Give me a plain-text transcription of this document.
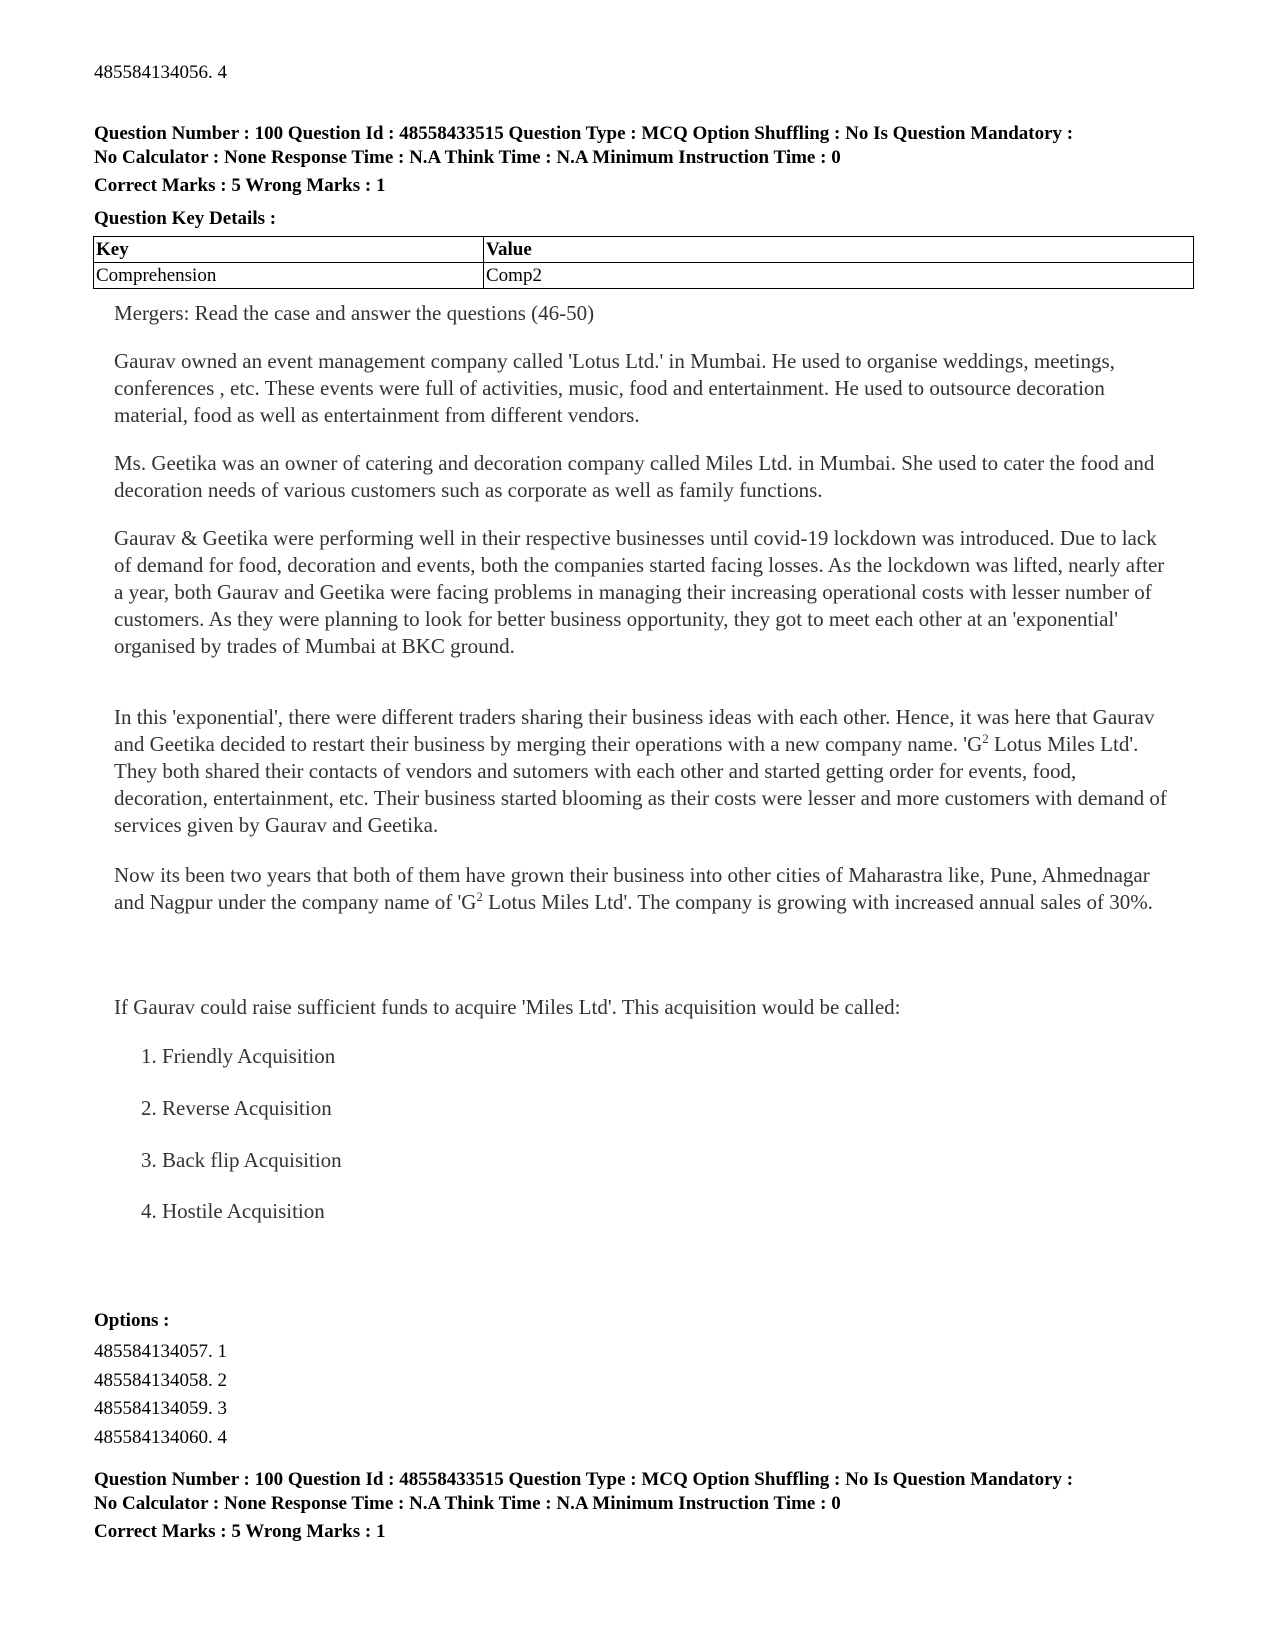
485584134056. 4
Question Number : 100 Question Id : 48558433515 Question Type : MCQ Option Shuffling : No Is Question Mandatory :
No Calculator : None Response Time : N.A Think Time : N.A Minimum Instruction Time : 0
Correct Marks : 5 Wrong Marks : 1
Question Key Details :
Key	Value
Comprehension	Comp2

Mergers: Read the case and answer the questions (46-50)

Gaurav owned an event management company called 'Lotus Ltd.' in Mumbai. He used to organise weddings, meetings, conferences , etc. These events were full of activities, music, food and entertainment. He used to outsource decoration material, food as well as entertainment from different vendors.

Ms. Geetika was an owner of catering and decoration company called Miles Ltd. in Mumbai. She used to cater the food and decoration needs of various customers such as corporate as well as family functions.

Gaurav & Geetika were performing well in their respective businesses until covid-19 lockdown was introduced. Due to lack of demand for food, decoration and events, both the companies started facing losses. As the lockdown was lifted, nearly after a year, both Gaurav and Geetika were facing problems in managing their increasing operational costs with lesser number of customers. As they were planning to look for better business opportunity, they got to meet each other at an 'exponential' organised by trades of Mumbai at BKC ground.

In this 'exponential', there were different traders sharing their business ideas with each other. Hence, it was here that Gaurav and Geetika decided to restart their business by merging their operations with a new company name. '$G^2$ Lotus Miles Ltd'. They both shared their contacts of vendors and sutomers with each other and started getting order for events, food, decoration, entertainment, etc. Their business started blooming as their costs were lesser and more customers with demand of services given by Gaurav and Geetika.

Now its been two years that both of them have grown their business into other cities of Maharastra like, Pune, Ahmednagar and Nagpur under the company name of '$G^2$ Lotus Miles Ltd'. The company is growing with increased annual sales of 30%.

If Gaurav could raise sufficient funds to acquire 'Miles Ltd'. This acquisition would be called:

1. Friendly Acquisition
2. Reverse Acquisition
3. Back flip Acquisition
4. Hostile Acquisition
Options :
485584134057. 1
485584134058. 2
485584134059. 3
485584134060. 4
Question Number : 100 Question Id : 48558433515 Question Type : MCQ Option Shuffling : No Is Question Mandatory :
No Calculator : None Response Time : N.A Think Time : N.A Minimum Instruction Time : 0
Correct Marks : 5 Wrong Marks : 1
